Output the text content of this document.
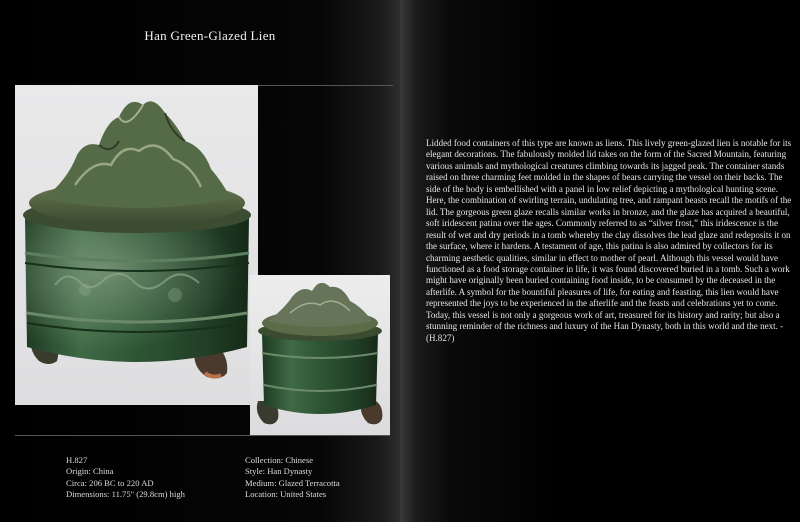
Han Green-Glazed Lien
H.827
Origin: China
Circa: 206 BC to 220 AD
Dimensions: 11.75" (29.8cm) high
Collection: Chinese
Style: Han Dynasty
Medium: Glazed Terracotta
Location: United States
Lidded food containers of this type are known as liens. This lively green-glazed lien is notable for its elegant decorations. The fabulously molded lid takes on the form of the Sacred Mountain, featuring various animals and mythological creatures climbing towards its jagged peak. The container stands raised on three charming feet molded in the shapes of bears carrying the vessel on their backs. The side of the body is embellished with a panel in low relief depicting a mythological hunting scene. Here, the combination of swirling terrain, undulating tree, and rampant beasts recall the motifs of the lid. The gorgeous green glaze recalls similar works in bronze, and the glaze has acquired a beautiful, soft iridescent patina over the ages. Commonly referred to as “silver frost,” this iridescence is the result of wet and dry periods in a tomb whereby the clay dissolves the lead glaze and redeposits it on the surface, where it hardens. A testament of age, this patina is also admired by collectors for its charming aesthetic qualities, similar in effect to mother of pearl. Although this vessel would have functioned as a food storage container in life, it was found discovered buried in a tomb. Such a work might have originally been buried containing food inside, to be consumed by the deceased in the afterlife. A symbol for the bountiful pleasures of life, for eating and feasting, this lien would have represented the joys to be experienced in the afterlife and the feasts and celebrations yet to come. Today, this vessel is not only a gorgeous work of art, treasured for its history and rarity; but also a stunning reminder of the richness and luxury of the Han Dynasty, both in this world and the next. - (H.827)
